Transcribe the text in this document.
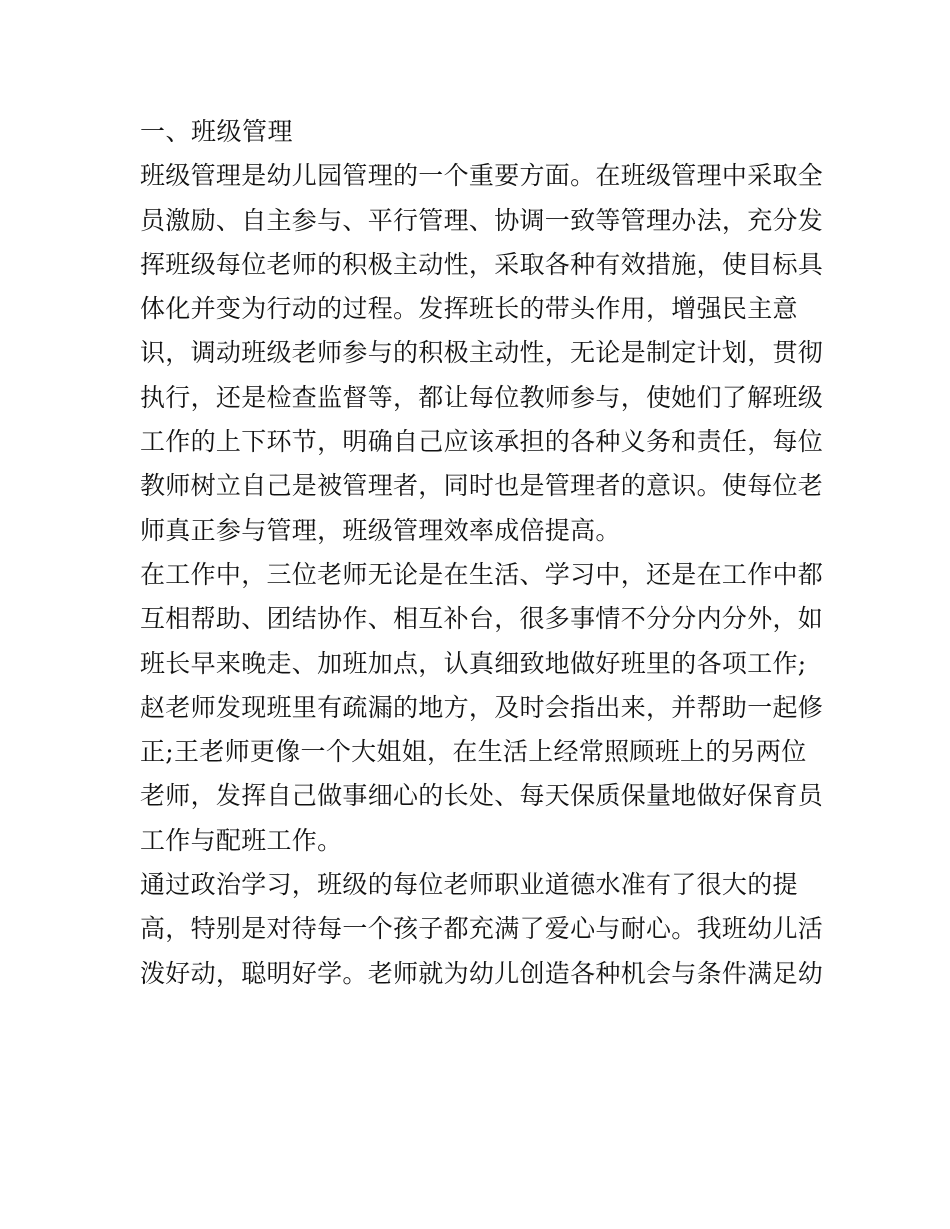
一、班级管理
班级管理是幼儿园管理的一个重要方面。在班级管理中采取全
员激励、自主参与、平行管理、协调一致等管理办法，充分发
挥班级每位老师的积极主动性，采取各种有效措施，使目标具
体化并变为行动的过程。发挥班长的带头作用，增强民主意
识，调动班级老师参与的积极主动性，无论是制定计划，贯彻
执行，还是检查监督等，都让每位教师参与，使她们了解班级
工作的上下环节，明确自己应该承担的各种义务和责任，每位
教师树立自己是被管理者，同时也是管理者的意识。使每位老
师真正参与管理，班级管理效率成倍提高。
在工作中，三位老师无论是在生活、学习中，还是在工作中都
互相帮助、团结协作、相互补台，很多事情不分分内分外，如
班长早来晚走、加班加点，认真细致地做好班里的各项工作;
赵老师发现班里有疏漏的地方，及时会指出来，并帮助一起修
正;王老师更像一个大姐姐，在生活上经常照顾班上的另两位
老师，发挥自己做事细心的长处、每天保质保量地做好保育员
工作与配班工作。
通过政治学习，班级的每位老师职业道德水准有了很大的提
高，特别是对待每一个孩子都充满了爱心与耐心。我班幼儿活
泼好动，聪明好学。老师就为幼儿创造各种机会与条件满足幼
